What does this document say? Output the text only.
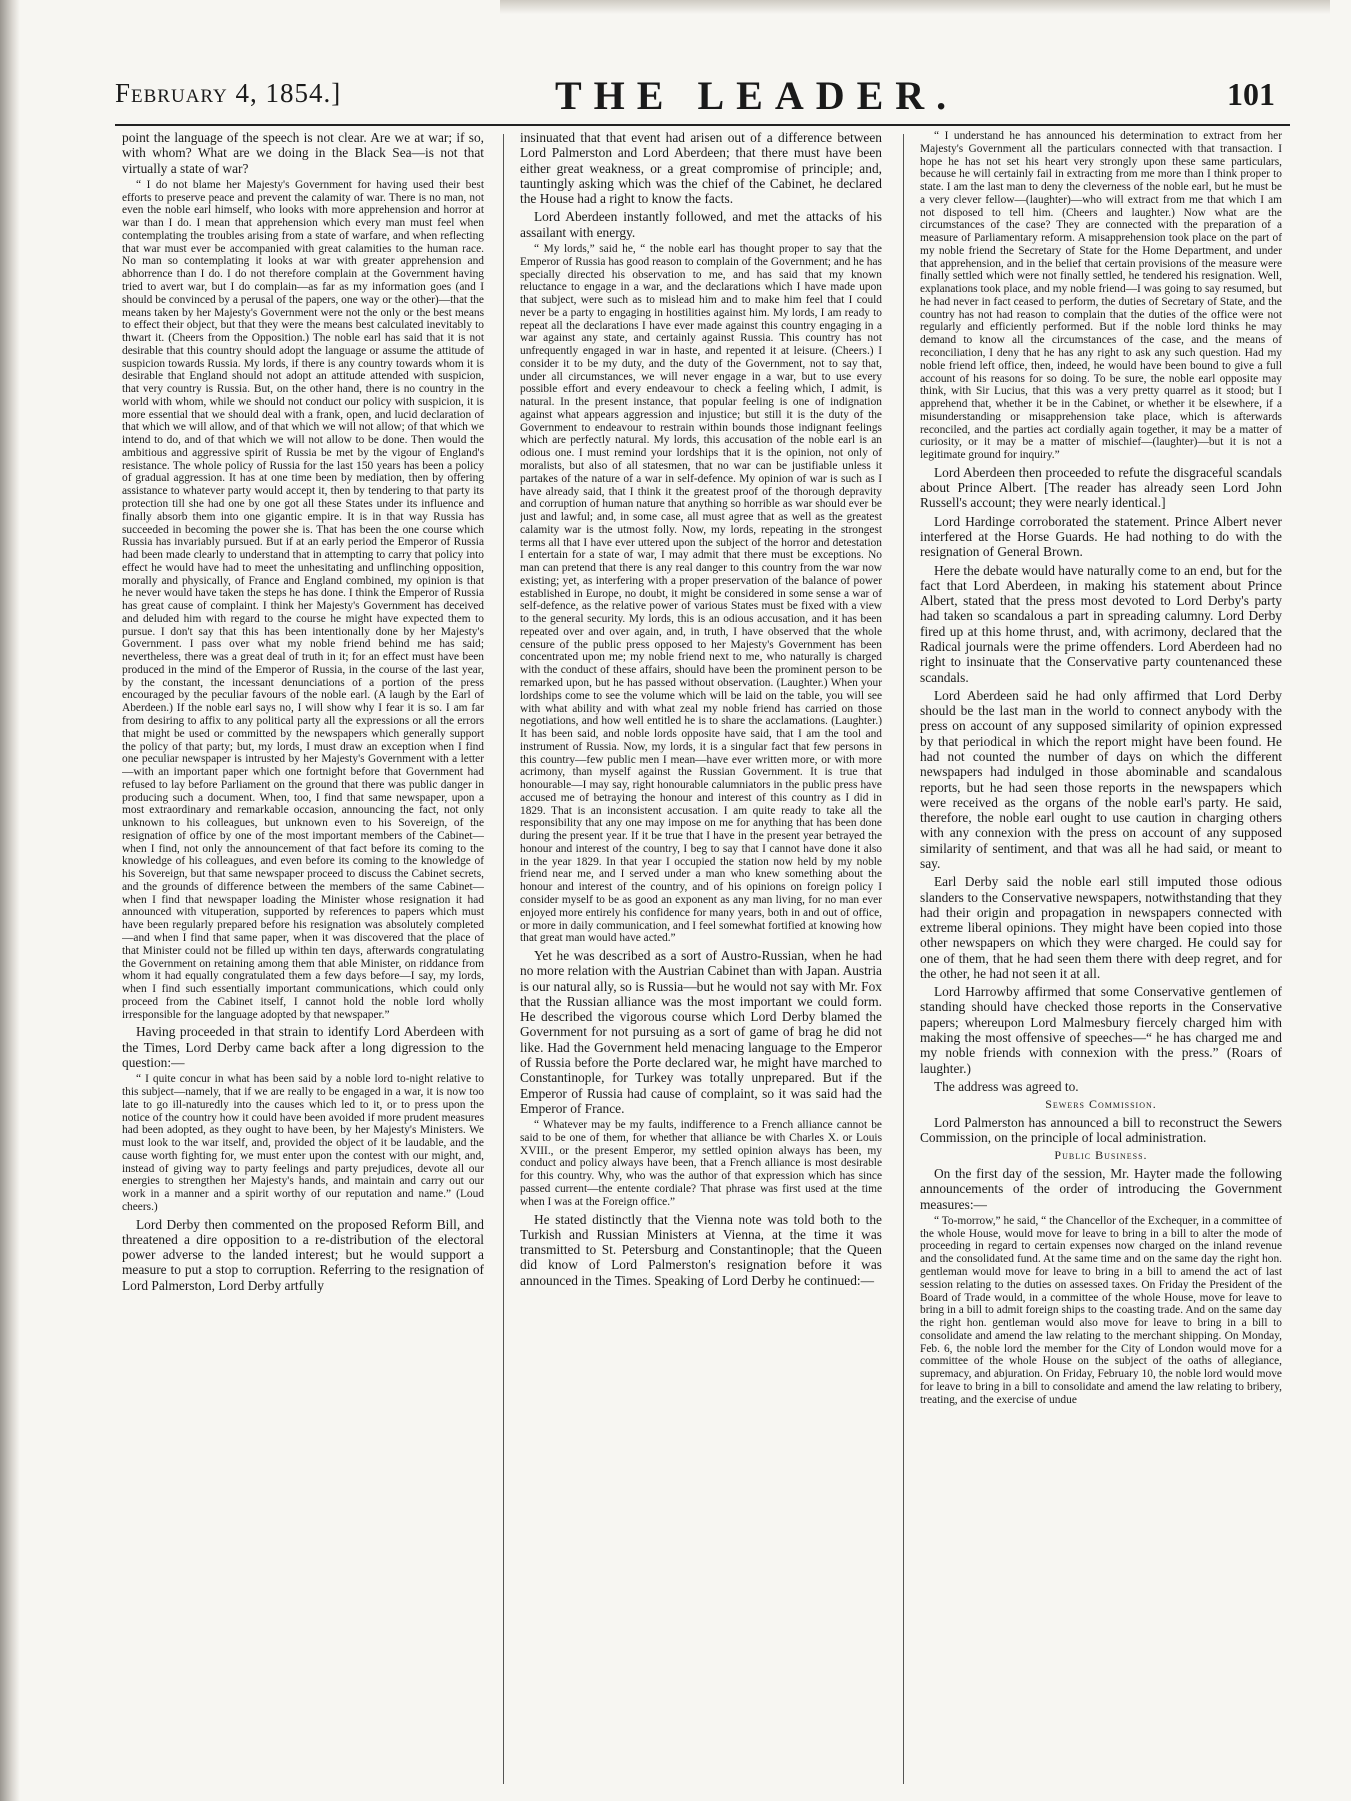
February 4, 1854.]	THE LEADER.	101

point the language of the speech is not clear. Are we at war; if so, with whom? What are we doing in the Black Sea—is not that virtually a state of war?

“ I do not blame her Majesty's Government for having used their best efforts to preserve peace and prevent the calamity of war. There is no man, not even the noble earl himself, who looks with more apprehension and horror at war than I do. I mean that apprehension which every man must feel when contemplating the troubles arising from a state of warfare, and when reflecting that war must ever be accompanied with great calamities to the human race. No man so contemplating it looks at war with greater apprehension and abhorrence than I do. I do not therefore complain at the Government having tried to avert war, but I do complain—as far as my information goes (and I should be convinced by a perusal of the papers, one way or the other)—that the means taken by her Majesty's Government were not the only or the best means to effect their object, but that they were the means best calculated inevitably to thwart it. (Cheers from the Opposition.) The noble earl has said that it is not desirable that this country should adopt the language or assume the attitude of suspicion towards Russia. My lords, if there is any country towards whom it is desirable that England should not adopt an attitude attended with suspicion, that very country is Russia. But, on the other hand, there is no country in the world with whom, while we should not conduct our policy with suspicion, it is more essential that we should deal with a frank, open, and lucid declaration of that which we will allow, and of that which we will not allow; of that which we intend to do, and of that which we will not allow to be done. Then would the ambitious and aggressive spirit of Russia be met by the vigour of England's resistance. The whole policy of Russia for the last 150 years has been a policy of gradual aggression. It has at one time been by mediation, then by offering assistance to whatever party would accept it, then by tendering to that party its protection till she had one by one got all these States under its influence and finally absorb them into one gigantic empire. It is in that way Russia has succeeded in becoming the power she is. That has been the one course which Russia has invariably pursued. But if at an early period the Emperor of Russia had been made clearly to understand that in attempting to carry that policy into effect he would have had to meet the unhesitating and unflinching opposition, morally and physically, of France and England combined, my opinion is that he never would have taken the steps he has done. I think the Emperor of Russia has great cause of complaint. I think her Majesty's Government has deceived and deluded him with regard to the course he might have expected them to pursue. I don't say that this has been intentionally done by her Majesty's Government. I pass over what my noble friend behind me has said; nevertheless, there was a great deal of truth in it; for an effect must have been produced in the mind of the Emperor of Russia, in the course of the last year, by the constant, the incessant denunciations of a portion of the press encouraged by the peculiar favours of the noble earl. (A laugh by the Earl of Aberdeen.) If the noble earl says no, I will show why I fear it is so. I am far from desiring to affix to any political party all the expressions or all the errors that might be used or committed by the newspapers which generally support the policy of that party; but, my lords, I must draw an exception when I find one peculiar newspaper is intrusted by her Majesty's Government with a letter—with an important paper which one fortnight before that Government had refused to lay before Parliament on the ground that there was public danger in producing such a document. When, too, I find that same newspaper, upon a most extraordinary and remarkable occasion, announcing the fact, not only unknown to his colleagues, but unknown even to his Sovereign, of the resignation of office by one of the most important members of the Cabinet—when I find, not only the announcement of that fact before its coming to the knowledge of his colleagues, and even before its coming to the knowledge of his Sovereign, but that same newspaper proceed to discuss the Cabinet secrets, and the grounds of difference between the members of the same Cabinet—when I find that newspaper loading the Minister whose resignation it had announced with vituperation, supported by references to papers which must have been regularly prepared before his resignation was absolutely completed—and when I find that same paper, when it was discovered that the place of that Minister could not be filled up within ten days, afterwards congratulating the Government on retaining among them that able Minister, on riddance from whom it had equally congratulated them a few days before—I say, my lords, when I find such essentially important communications, which could only proceed from the Cabinet itself, I cannot hold the noble lord wholly irresponsible for the language adopted by that newspaper.”

Having proceeded in that strain to identify Lord Aberdeen with the Times, Lord Derby came back after a long digression to the question:—

“ I quite concur in what has been said by a noble lord to-night relative to this subject—namely, that if we are really to be engaged in a war, it is now too late to go ill-naturedly into the causes which led to it, or to press upon the notice of the country how it could have been avoided if more prudent measures had been adopted, as they ought to have been, by her Majesty's Ministers. We must look to the war itself, and, provided the object of it be laudable, and the cause worth fighting for, we must enter upon the contest with our might, and, instead of giving way to party feelings and party prejudices, devote all our energies to strengthen her Majesty's hands, and maintain and carry out our work in a manner and a spirit worthy of our reputation and name.” (Loud cheers.)

Lord Derby then commented on the proposed Reform Bill, and threatened a dire opposition to a re-distribution of the electoral power adverse to the landed interest; but he would support a measure to put a stop to corruption. Referring to the resignation of Lord Palmerston, Lord Derby artfully

insinuated that that event had arisen out of a difference between Lord Palmerston and Lord Aberdeen; that there must have been either great weakness, or a great compromise of principle; and, tauntingly asking which was the chief of the Cabinet, he declared the House had a right to know the facts.

Lord Aberdeen instantly followed, and met the attacks of his assailant with energy.

“ My lords,” said he, “ the noble earl has thought proper to say that the Emperor of Russia has good reason to complain of the Government; and he has specially directed his observation to me, and has said that my known reluctance to engage in a war, and the declarations which I have made upon that subject, were such as to mislead him and to make him feel that I could never be a party to engaging in hostilities against him. My lords, I am ready to repeat all the declarations I have ever made against this country engaging in a war against any state, and certainly against Russia. This country has not unfrequently engaged in war in haste, and repented it at leisure. (Cheers.) I consider it to be my duty, and the duty of the Government, not to say that, under all circumstances, we will never engage in a war, but to use every possible effort and every endeavour to check a feeling which, I admit, is natural. In the present instance, that popular feeling is one of indignation against what appears aggression and injustice; but still it is the duty of the Government to endeavour to restrain within bounds those indignant feelings which are perfectly natural. My lords, this accusation of the noble earl is an odious one. I must remind your lordships that it is the opinion, not only of moralists, but also of all statesmen, that no war can be justifiable unless it partakes of the nature of a war in self-defence. My opinion of war is such as I have already said, that I think it the greatest proof of the thorough depravity and corruption of human nature that anything so horrible as war should ever be just and lawful; and, in some case, all must agree that as well as the greatest calamity war is the utmost folly. Now, my lords, repeating in the strongest terms all that I have ever uttered upon the subject of the horror and detestation I entertain for a state of war, I may admit that there must be exceptions. No man can pretend that there is any real danger to this country from the war now existing; yet, as interfering with a proper preservation of the balance of power established in Europe, no doubt, it might be considered in some sense a war of self-defence, as the relative power of various States must be fixed with a view to the general security. My lords, this is an odious accusation, and it has been repeated over and over again, and, in truth, I have observed that the whole censure of the public press opposed to her Majesty's Government has been concentrated upon me; my noble friend next to me, who naturally is charged with the conduct of these affairs, should have been the prominent person to be remarked upon, but he has passed without observation. (Laughter.) When your lordships come to see the volume which will be laid on the table, you will see with what ability and with what zeal my noble friend has carried on those negotiations, and how well entitled he is to share the acclamations. (Laughter.) It has been said, and noble lords opposite have said, that I am the tool and instrument of Russia. Now, my lords, it is a singular fact that few persons in this country—few public men I mean—have ever written more, or with more acrimony, than myself against the Russian Government. It is true that honourable—I may say, right honourable calumniators in the public press have accused me of betraying the honour and interest of this country as I did in 1829. That is an inconsistent accusation. I am quite ready to take all the responsibility that any one may impose on me for anything that has been done during the present year. If it be true that I have in the present year betrayed the honour and interest of the country, I beg to say that I cannot have done it also in the year 1829. In that year I occupied the station now held by my noble friend near me, and I served under a man who knew something about the honour and interest of the country, and of his opinions on foreign policy I consider myself to be as good an exponent as any man living, for no man ever enjoyed more entirely his confidence for many years, both in and out of office, or more in daily communication, and I feel somewhat fortified at knowing how that great man would have acted.”

Yet he was described as a sort of Austro-Russian, when he had no more relation with the Austrian Cabinet than with Japan. Austria is our natural ally, so is Russia—but he would not say with Mr. Fox that the Russian alliance was the most important we could form. He described the vigorous course which Lord Derby blamed the Government for not pursuing as a sort of game of brag he did not like. Had the Government held menacing language to the Emperor of Russia before the Porte declared war, he might have marched to Constantinople, for Turkey was totally unprepared. But if the Emperor of Russia had cause of complaint, so it was said had the Emperor of France.

“ Whatever may be my faults, indifference to a French alliance cannot be said to be one of them, for whether that alliance be with Charles X. or Louis XVIII., or the present Emperor, my settled opinion always has been, my conduct and policy always have been, that a French alliance is most desirable for this country. Why, who was the author of that expression which has since passed current—the entente cordiale? That phrase was first used at the time when I was at the Foreign office.”

He stated distinctly that the Vienna note was told both to the Turkish and Russian Ministers at Vienna, at the time it was transmitted to St. Petersburg and Constantinople; that the Queen did know of Lord Palmerston's resignation before it was announced in the Times. Speaking of Lord Derby he continued:—

“ I understand he has announced his determination to extract from her Majesty's Government all the particulars connected with that transaction. I hope he has not set his heart very strongly upon these same particulars, because he will certainly fail in extracting from me more than I think proper to state. I am the last man to deny the cleverness of the noble earl, but he must be a very clever fellow—(laughter)—who will extract from me that which I am not disposed to tell him. (Cheers and laughter.) Now what are the circumstances of the case? They are connected with the preparation of a measure of Parliamentary reform. A misapprehension took place on the part of my noble friend the Secretary of State for the Home Department, and under that apprehension, and in the belief that certain provisions of the measure were finally settled which were not finally settled, he tendered his resignation. Well, explanations took place, and my noble friend—I was going to say resumed, but he had never in fact ceased to perform, the duties of Secretary of State, and the country has not had reason to complain that the duties of the office were not regularly and efficiently performed. But if the noble lord thinks he may demand to know all the circumstances of the case, and the means of reconciliation, I deny that he has any right to ask any such question. Had my noble friend left office, then, indeed, he would have been bound to give a full account of his reasons for so doing. To be sure, the noble earl opposite may think, with Sir Lucius, that this was a very pretty quarrel as it stood; but I apprehend that, whether it be in the Cabinet, or whether it be elsewhere, if a misunderstanding or misapprehension take place, which is afterwards reconciled, and the parties act cordially again together, it may be a matter of curiosity, or it may be a matter of mischief—(laughter)—but it is not a legitimate ground for inquiry.”

Lord Aberdeen then proceeded to refute the disgraceful scandals about Prince Albert. [The reader has already seen Lord John Russell's account; they were nearly identical.]

Lord Hardinge corroborated the statement. Prince Albert never interfered at the Horse Guards. He had nothing to do with the resignation of General Brown.

Here the debate would have naturally come to an end, but for the fact that Lord Aberdeen, in making his statement about Prince Albert, stated that the press most devoted to Lord Derby's party had taken so scandalous a part in spreading calumny. Lord Derby fired up at this home thrust, and, with acrimony, declared that the Radical journals were the prime offenders. Lord Aberdeen had no right to insinuate that the Conservative party countenanced these scandals.

Lord Aberdeen said he had only affirmed that Lord Derby should be the last man in the world to connect anybody with the press on account of any supposed similarity of opinion expressed by that periodical in which the report might have been found. He had not counted the number of days on which the different newspapers had indulged in those abominable and scandalous reports, but he had seen those reports in the newspapers which were received as the organs of the noble earl's party. He said, therefore, the noble earl ought to use caution in charging others with any connexion with the press on account of any supposed similarity of sentiment, and that was all he had said, or meant to say.

Earl Derby said the noble earl still imputed those odious slanders to the Conservative newspapers, notwithstanding that they had their origin and propagation in newspapers connected with extreme liberal opinions. They might have been copied into those other newspapers on which they were charged. He could say for one of them, that he had seen them there with deep regret, and for the other, he had not seen it at all.

Lord Harrowby affirmed that some Conservative gentlemen of standing should have checked those reports in the Conservative papers; whereupon Lord Malmesbury fiercely charged him with making the most offensive of speeches—“ he has charged me and my noble friends with connexion with the press.” (Roars of laughter.)

The address was agreed to.

Sewers Commission.

Lord Palmerston has announced a bill to reconstruct the Sewers Commission, on the principle of local administration.

Public Business.

On the first day of the session, Mr. Hayter made the following announcements of the order of introducing the Government measures:—

“ To-morrow,” he said, “ the Chancellor of the Exchequer, in a committee of the whole House, would move for leave to bring in a bill to alter the mode of proceeding in regard to certain expenses now charged on the inland revenue and the consolidated fund. At the same time and on the same day the right hon. gentleman would move for leave to bring in a bill to amend the act of last session relating to the duties on assessed taxes. On Friday the President of the Board of Trade would, in a committee of the whole House, move for leave to bring in a bill to admit foreign ships to the coasting trade. And on the same day the right hon. gentleman would also move for leave to bring in a bill to consolidate and amend the law relating to the merchant shipping. On Monday, Feb. 6, the noble lord the member for the City of London would move for a committee of the whole House on the subject of the oaths of allegiance, supremacy, and abjuration. On Friday, February 10, the noble lord would move for leave to bring in a bill to consolidate and amend the law relating to bribery, treating, and the exercise of undue
